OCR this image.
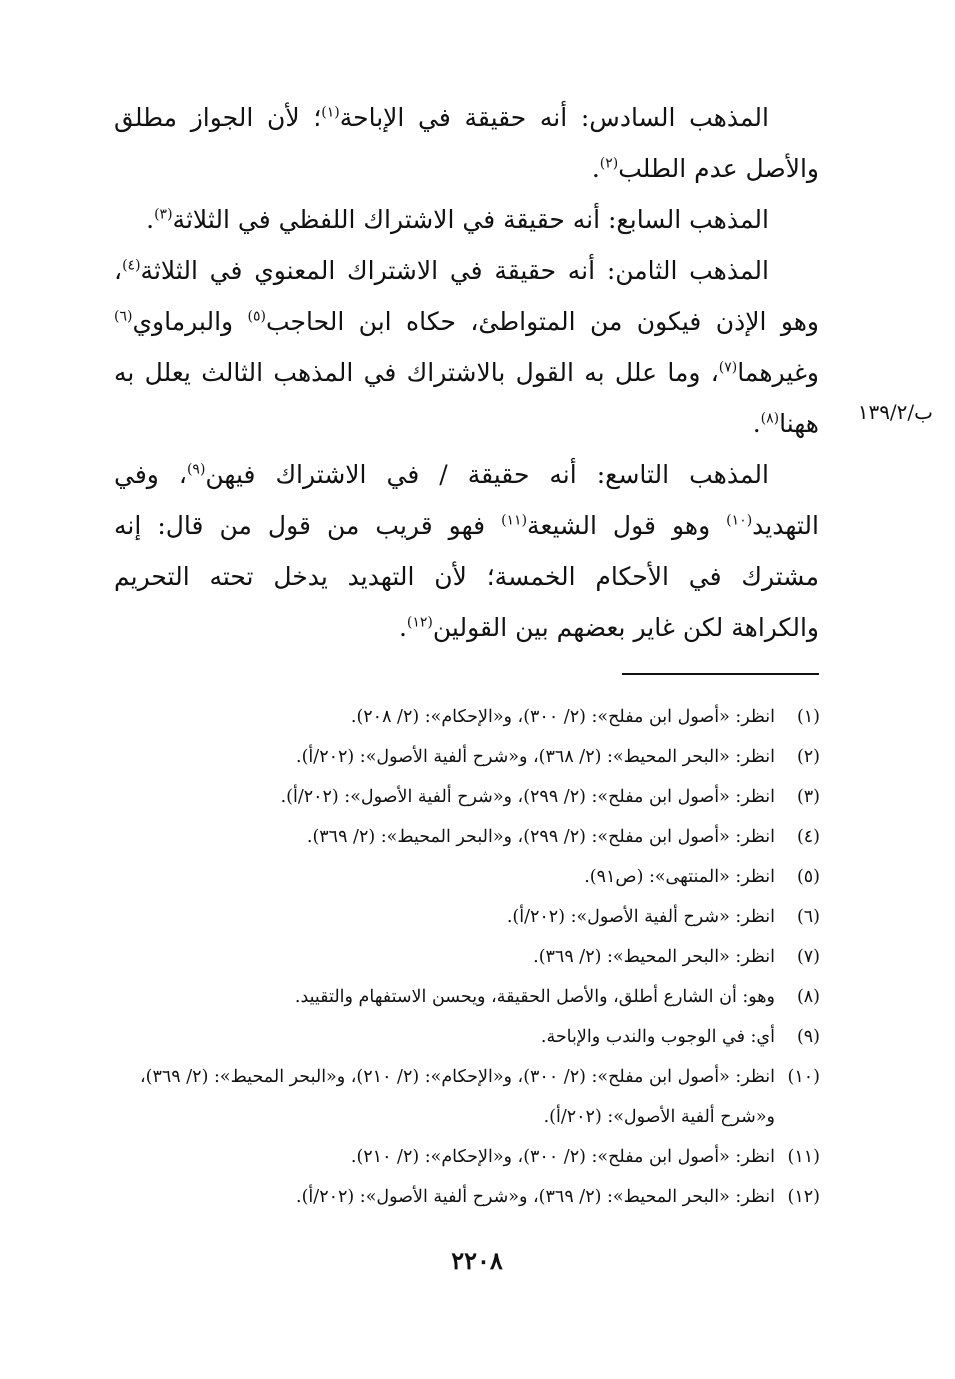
المذهب السادس: أنه حقيقة في الإباحة$^{(١)}$؛ لأن الجواز مطلق والأصل عدم الطلب$^{(٢)}$.

المذهب السابع: أنه حقيقة في الاشتراك اللفظي في الثلاثة$^{(٣)}$.

المذهب الثامن: أنه حقيقة في الاشتراك المعنوي في الثلاثة$^{(٤)}$، وهو الإذن فيكون من المتواطئ، حكاه ابن الحاجب$^{(٥)}$ والبرماوي$^{(٦)}$ وغيرهما$^{(٧)}$، وما علل به القول بالاشتراك في المذهب الثالث يعلل به ههنا$^{(٨)}$.

المذهب التاسع: أنه حقيقة / في الاشتراك فيهن$^{(٩)}$، وفي التهديد$^{(١٠)}$ وهو قول الشيعة$^{(١١)}$ فهو قريب من قول من قال: إنه مشترك في الأحكام الخمسة؛ لأن التهديد يدخل تحته التحريم والكراهة لكن غاير بعضهم بين القولين$^{(١٢)}$.

ب/١٣٩/٢
(١)
انظر: «أصول ابن مفلح»: (٢/ ٣٠٠)، و«الإحكام»: (٢/ ٢٠٨).
(٢)
انظر: «البحر المحيط»: (٢/ ٣٦٨)، و«شرح ألفية الأصول»: (٢٠٢/أ).
(٣)
انظر: «أصول ابن مفلح»: (٢/ ٢٩٩)، و«شرح ألفية الأصول»: (٢٠٢/أ).
(٤)
انظر: «أصول ابن مفلح»: (٢/ ٢٩٩)، و«البحر المحيط»: (٢/ ٣٦٩).
(٥)
انظر: «المنتهى»: (ص٩١).
(٦)
انظر: «شرح ألفية الأصول»: (٢٠٢/أ).
(٧)
انظر: «البحر المحيط»: (٢/ ٣٦٩).
(٨)
وهو: أن الشارع أطلق، والأصل الحقيقة، ويحسن الاستفهام والتقييد.
(٩)
أي: في الوجوب والندب والإباحة.
(١٠)
انظر: «أصول ابن مفلح»: (٢/ ٣٠٠)، و«الإحكام»: (٢/ ٢١٠)، و«البحر المحيط»: (٢/ ٣٦٩)، و«شرح ألفية الأصول»: (٢٠٢/أ).
(١١)
انظر: «أصول ابن مفلح»: (٢/ ٣٠٠)، و«الإحكام»: (٢/ ٢١٠).
(١٢)
انظر: «البحر المحيط»: (٢/ ٣٦٩)، و«شرح ألفية الأصول»: (٢٠٢/أ).
٢٢٠٨
